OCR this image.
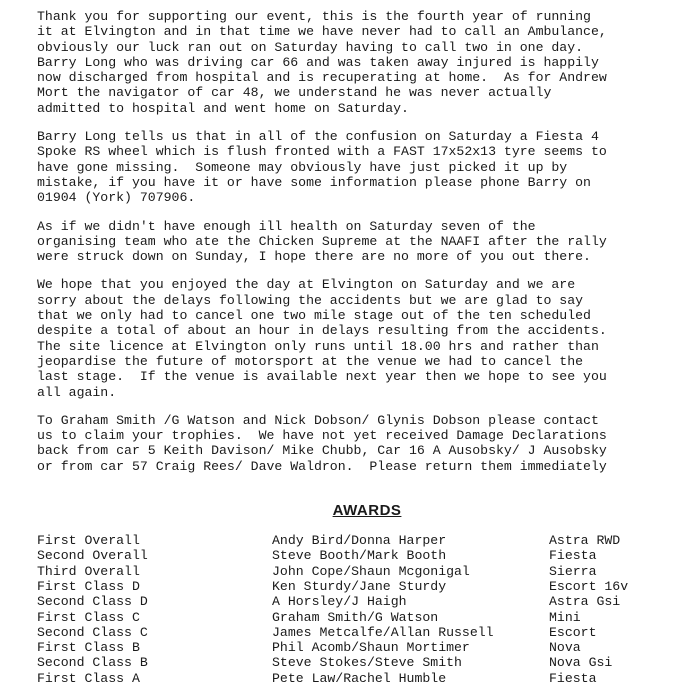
Thank you for supporting our event, this is the fourth year of running
it at Elvington and in that time we have never had to call an Ambulance,
obviously our luck ran out on Saturday having to call two in one day.
Barry Long who was driving car 66 and was taken away injured is happily
now discharged from hospital and is recuperating at home.  As for Andrew
Mort the navigator of car 48, we understand he was never actually
admitted to hospital and went home on Saturday.
Barry Long tells us that in all of the confusion on Saturday a Fiesta 4
Spoke RS wheel which is flush fronted with a FAST 17x52x13 tyre seems to
have gone missing.  Someone may obviously have just picked it up by
mistake, if you have it or have some information please phone Barry on
01904 (York) 707906.
As if we didn't have enough ill health on Saturday seven of the
organising team who ate the Chicken Supreme at the NAAFI after the rally
were struck down on Sunday, I hope there are no more of you out there.
We hope that you enjoyed the day at Elvington on Saturday and we are
sorry about the delays following the accidents but we are glad to say
that we only had to cancel one two mile stage out of the ten scheduled
despite a total of about an hour in delays resulting from the accidents.
The site licence at Elvington only runs until 18.00 hrs and rather than
jeopardise the future of motorsport at the venue we had to cancel the
last stage.  If the venue is available next year then we hope to see you
all again.
To Graham Smith /G Watson and Nick Dobson/ Glynis Dobson please contact
us to claim your trophies.  We have not yet received Damage Declarations
back from car 5 Keith Davison/ Mike Chubb, Car 16 A Ausobsky/ J Ausobsky
or from car 57 Craig Rees/ Dave Waldron.  Please return them immediately
AWARDS
First Overall	Andy Bird/Donna Harper	Astra RWD
Second Overall	Steve Booth/Mark Booth	Fiesta
Third Overall	John Cope/Shaun Mcgonigal	Sierra
First Class D	Ken Sturdy/Jane Sturdy	Escort 16v
Second Class D	A Horsley/J Haigh	Astra Gsi
First Class C	Graham Smith/G Watson	Mini
Second Class C	James Metcalfe/Allan Russell	Escort
First Class B	Phil Acomb/Shaun Mortimer	Nova
Second Class B	Steve Stokes/Steve Smith	Nova Gsi
First Class A	Pete Law/Rachel Humble	Fiesta
